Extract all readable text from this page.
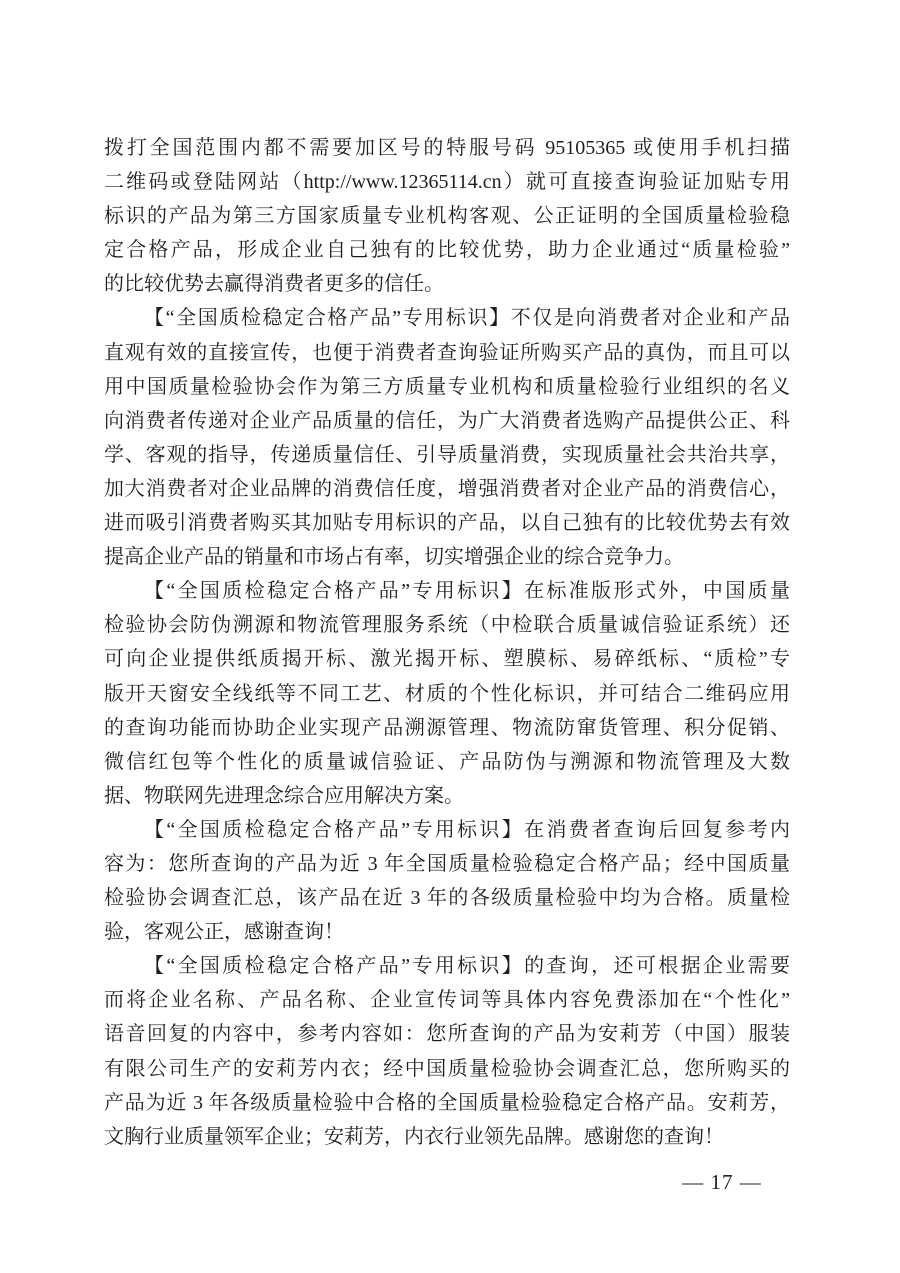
拨打全国范围内都不需要加区号的特服号码 95105365 或使用手机扫描
二维码或登陆网站（http://www.12365114.cn）就可直接查询验证加贴专用
标识的产品为第三方国家质量专业机构客观、公正证明的全国质量检验稳
定合格产品，形成企业自己独有的比较优势，助力企业通过“质量检验”
的比较优势去赢得消费者更多的信任。
【“全国质检稳定合格产品”专用标识】不仅是向消费者对企业和产品
直观有效的直接宣传，也便于消费者查询验证所购买产品的真伪，而且可以
用中国质量检验协会作为第三方质量专业机构和质量检验行业组织的名义
向消费者传递对企业产品质量的信任，为广大消费者选购产品提供公正、科
学、客观的指导，传递质量信任、引导质量消费，实现质量社会共治共享，
加大消费者对企业品牌的消费信任度，增强消费者对企业产品的消费信心，
进而吸引消费者购买其加贴专用标识的产品，以自己独有的比较优势去有效
提高企业产品的销量和市场占有率，切实增强企业的综合竞争力。
【“全国质检稳定合格产品”专用标识】在标准版形式外，中国质量
检验协会防伪溯源和物流管理服务系统（中检联合质量诚信验证系统）还
可向企业提供纸质揭开标、激光揭开标、塑膜标、易碎纸标、“质检”专
版开天窗安全线纸等不同工艺、材质的个性化标识，并可结合二维码应用
的查询功能而协助企业实现产品溯源管理、物流防窜货管理、积分促销、
微信红包等个性化的质量诚信验证、产品防伪与溯源和物流管理及大数
据、物联网先进理念综合应用解决方案。
【“全国质检稳定合格产品”专用标识】在消费者查询后回复参考内
容为：您所查询的产品为近 3 年全国质量检验稳定合格产品；经中国质量
检验协会调查汇总，该产品在近 3 年的各级质量检验中均为合格。质量检
验，客观公正，感谢查询！
【“全国质检稳定合格产品”专用标识】的查询，还可根据企业需要
而将企业名称、产品名称、企业宣传词等具体内容免费添加在“个性化”
语音回复的内容中，参考内容如：您所查询的产品为安莉芳（中国）服装
有限公司生产的安莉芳内衣；经中国质量检验协会调查汇总，您所购买的
产品为近 3 年各级质量检验中合格的全国质量检验稳定合格产品。安莉芳，
文胸行业质量领军企业；安莉芳，内衣行业领先品牌。感谢您的查询！
— 17 —
